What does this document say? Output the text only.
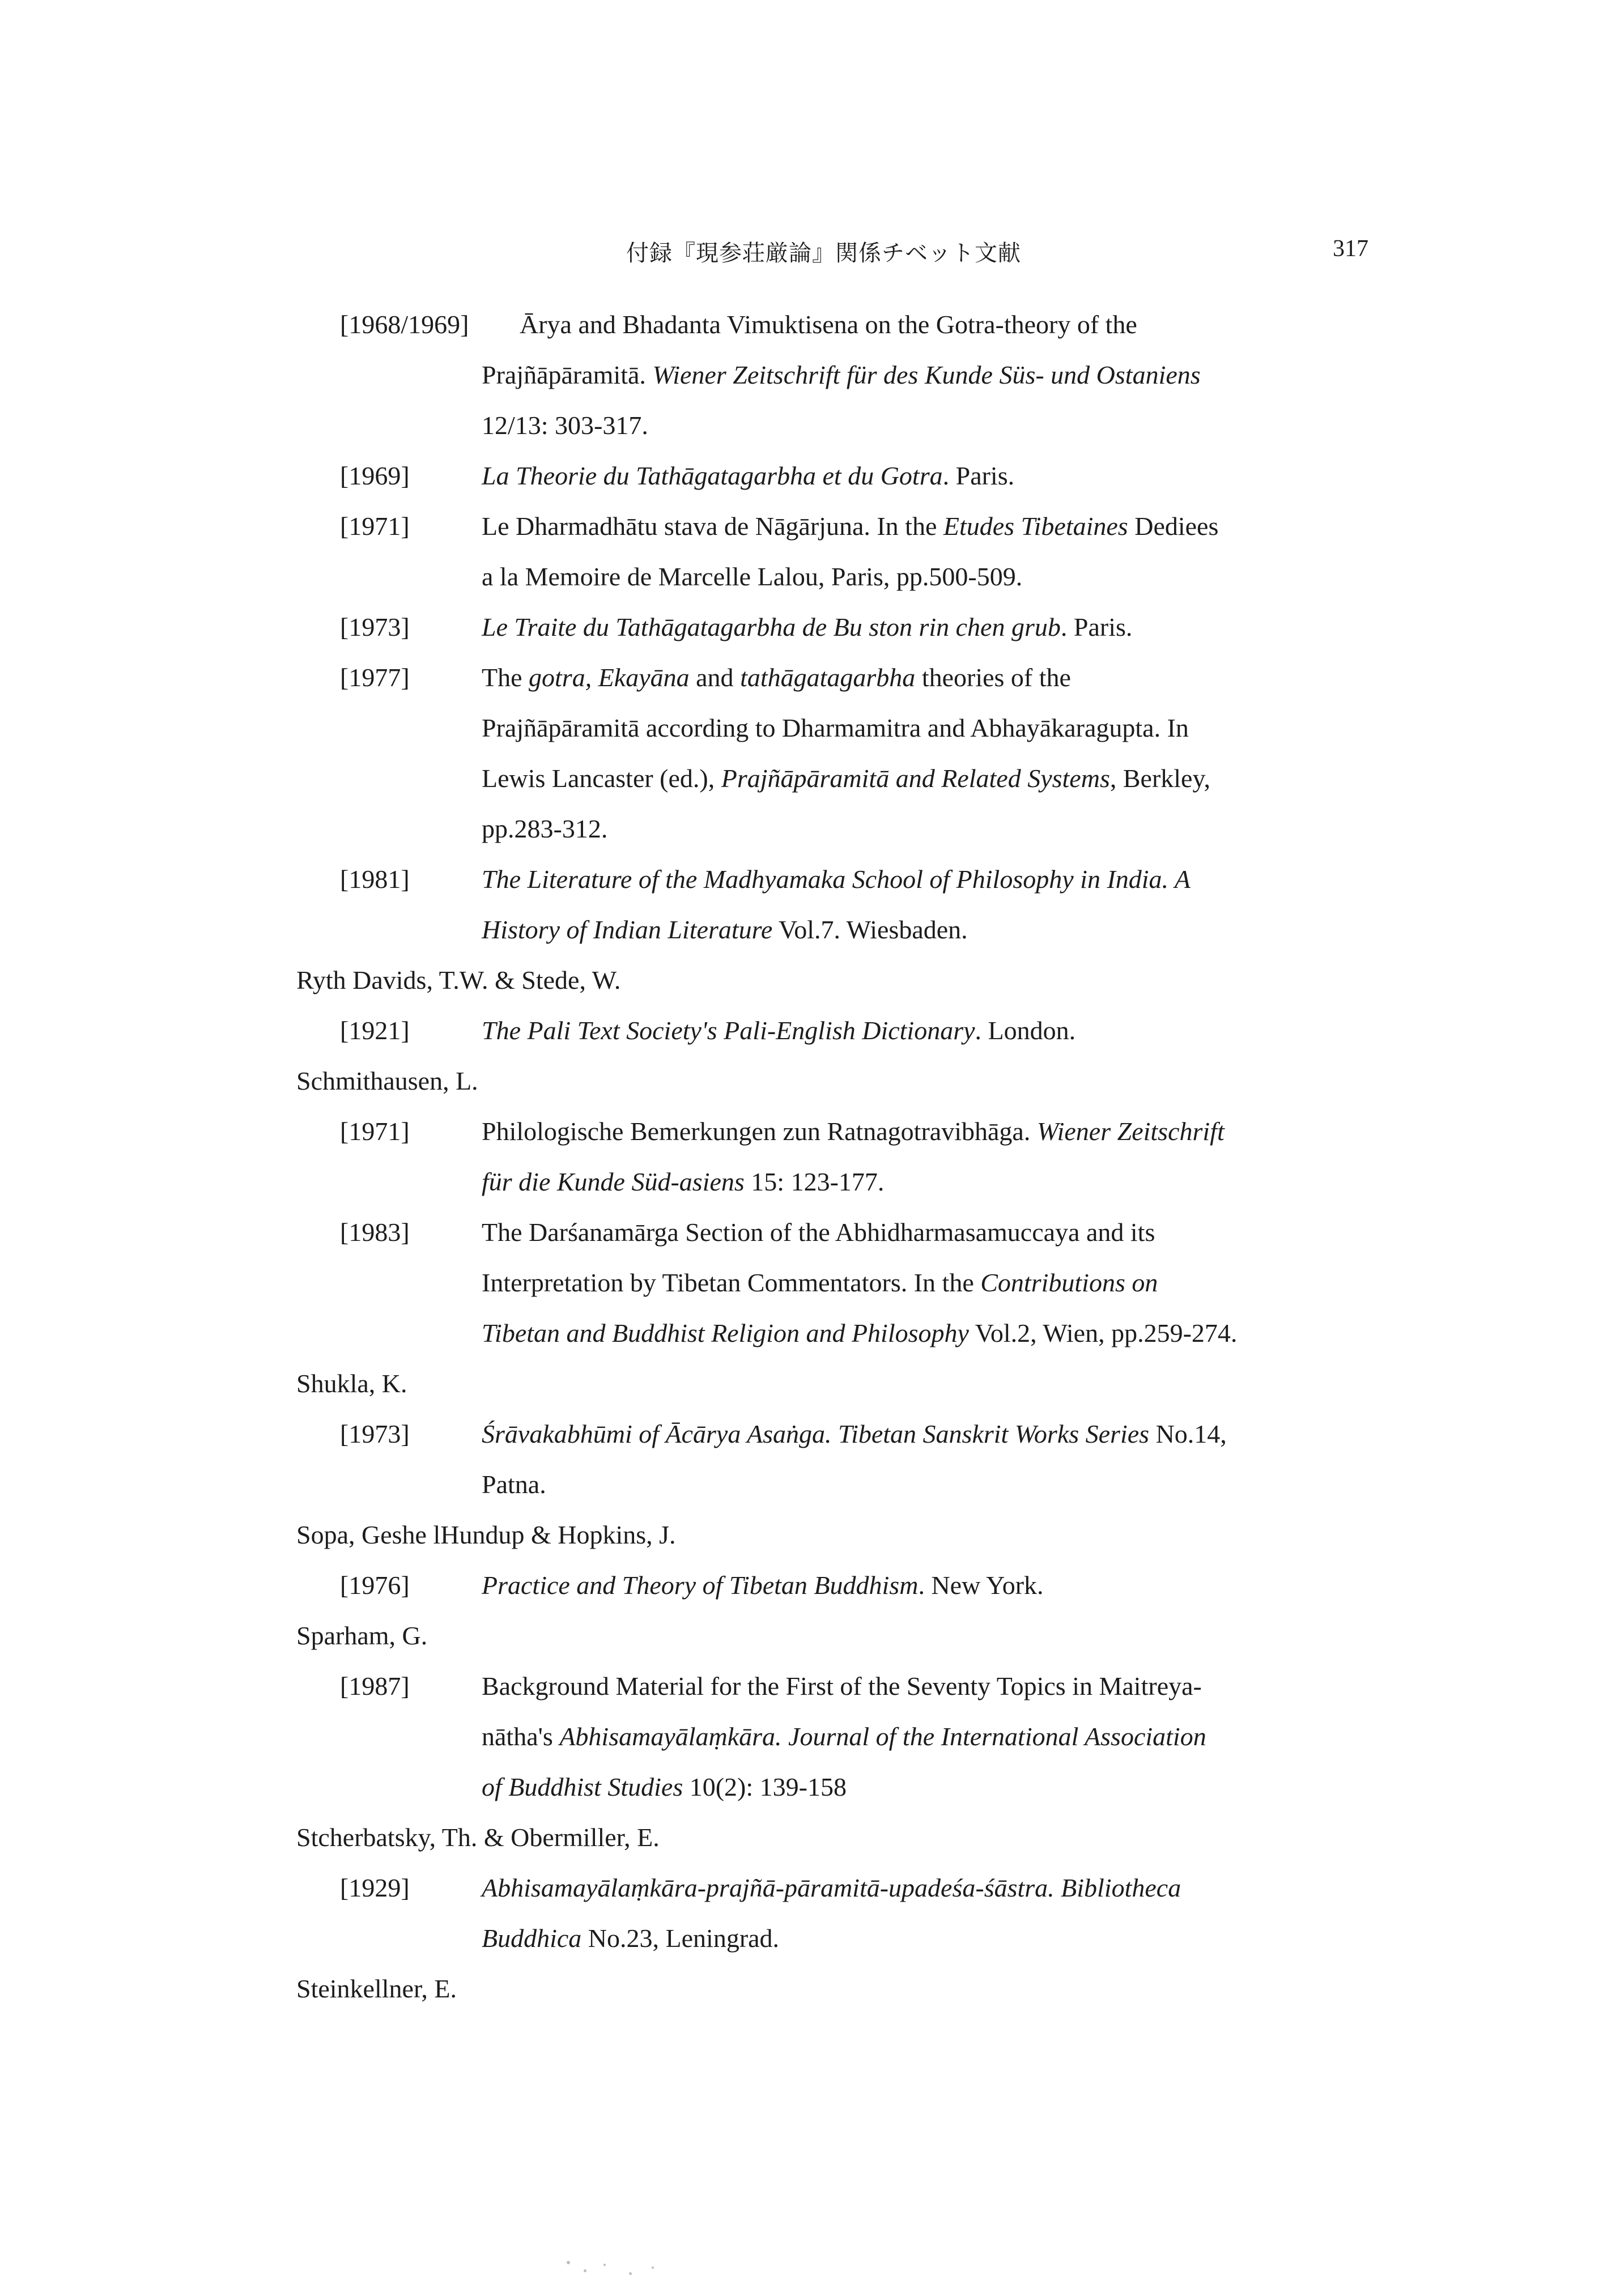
付録『現参荘厳論』関係チベット文献	317
[1968/1969] Ārya and Bhadanta Vimuktisena on the Gotra-theory of the
Prajñāpāramitā. Wiener Zeitschrift für des Kunde Süs- und Ostaniens
12/13: 303-317.
[1969]	La Theorie du Tathāgatagarbha et du Gotra. Paris.
[1971]	Le Dharmadhātu stava de Nāgārjuna. In the Etudes Tibetaines Dediees
a la Memoire de Marcelle Lalou, Paris, pp.500-509.
[1973]	Le Traite du Tathāgatagarbha de Bu ston rin chen grub. Paris.
[1977]	The gotra, Ekayāna and tathāgatagarbha theories of the
Prajñāpāramitā according to Dharmamitra and Abhayākaragupta. In
Lewis Lancaster (ed.), Prajñāpāramitā and Related Systems, Berkley,
pp.283-312.
[1981]	The Literature of the Madhyamaka School of Philosophy in India. A
History of Indian Literature Vol.7. Wiesbaden.
Ryth Davids, T.W. & Stede, W.
[1921]	The Pali Text Society's Pali-English Dictionary. London.
Schmithausen, L.
[1971]	Philologische Bemerkungen zun Ratnagotravibhāga. Wiener Zeitschrift
für die Kunde Süd-asiens 15: 123-177.
[1983]	The Darśanamārga Section of the Abhidharmasamuccaya and its
Interpretation by Tibetan Commentators. In the Contributions on
Tibetan and Buddhist Religion and Philosophy Vol.2, Wien, pp.259-274.
Shukla, K.
[1973]	Śrāvakabhūmi of Ācārya Asaṅga. Tibetan Sanskrit Works Series No.14,
Patna.
Sopa, Geshe lHundup & Hopkins, J.
[1976]	Practice and Theory of Tibetan Buddhism. New York.
Sparham, G.
[1987]	Background Material for the First of the Seventy Topics in Maitreya-
nātha's Abhisamayālaṃkāra. Journal of the International Association
of Buddhist Studies 10(2): 139-158
Stcherbatsky, Th. & Obermiller, E.
[1929]	Abhisamayālaṃkāra-prajñā-pāramitā-upadeśa-śāstra. Bibliotheca
Buddhica No.23, Leningrad.
Steinkellner, E.
